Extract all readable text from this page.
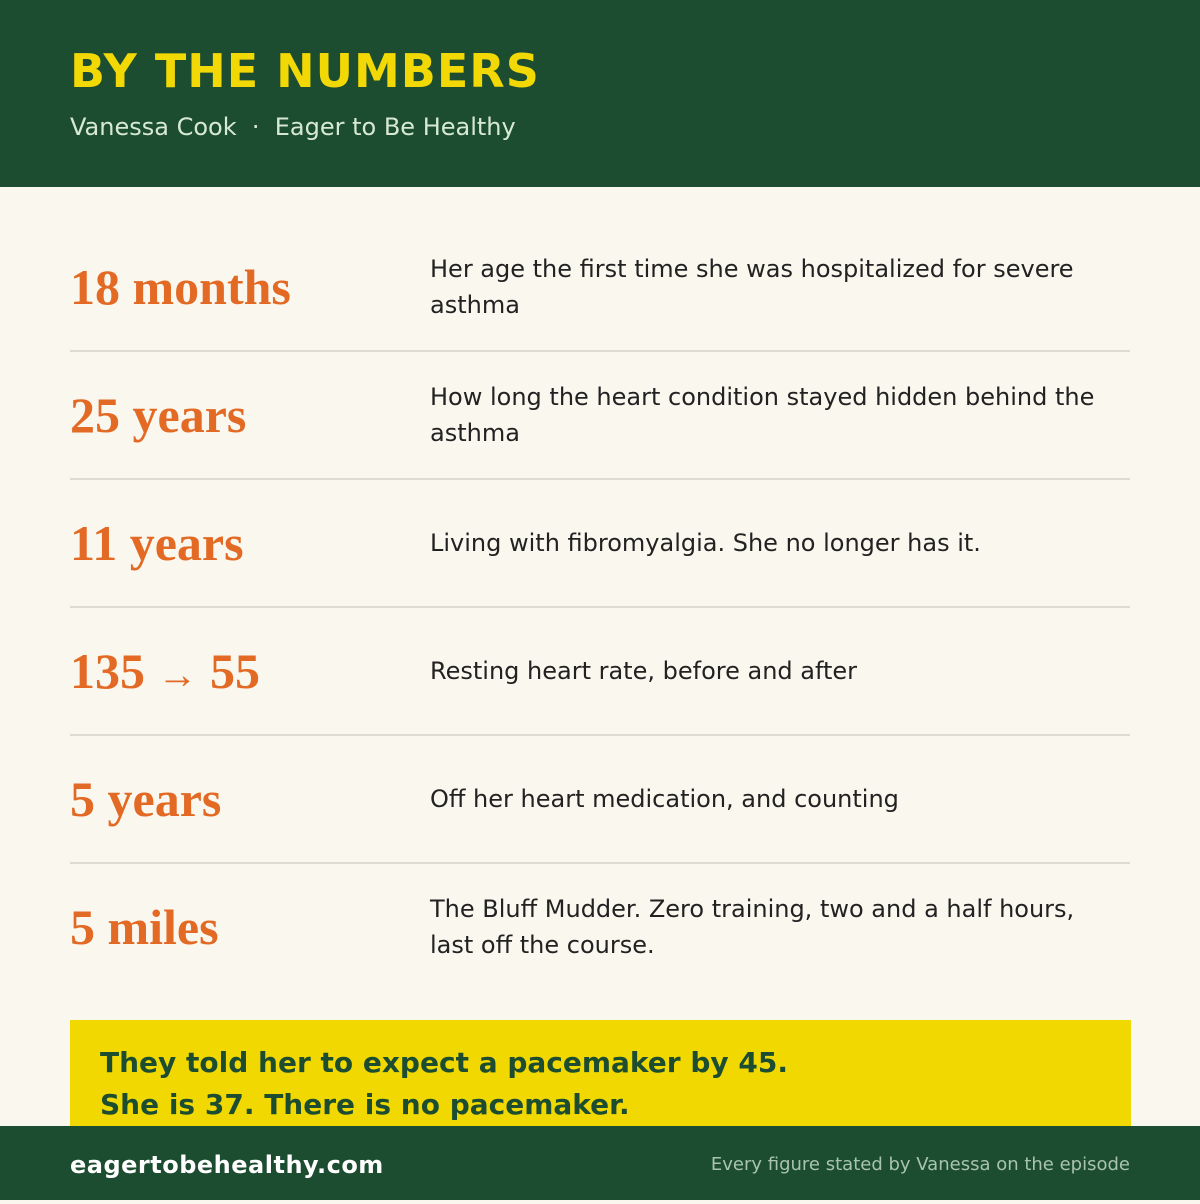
BY THE NUMBERS
Vanessa Cook  ·  Eager to Be Healthy
18 months	Her age the first time she was hospitalized for severe asthma
25 years	How long the heart condition stayed hidden behind the asthma
11 years	Living with fibromyalgia. She no longer has it.
135 → 55	Resting heart rate, before and after
5 years	Off her heart medication, and counting
5 miles	The Bluff Mudder. Zero training, two and a half hours, last off the course.
They told her to expect a pacemaker by 45.
She is 37. There is no pacemaker.
eagertobehealthy.com	Every figure stated by Vanessa on the episode
